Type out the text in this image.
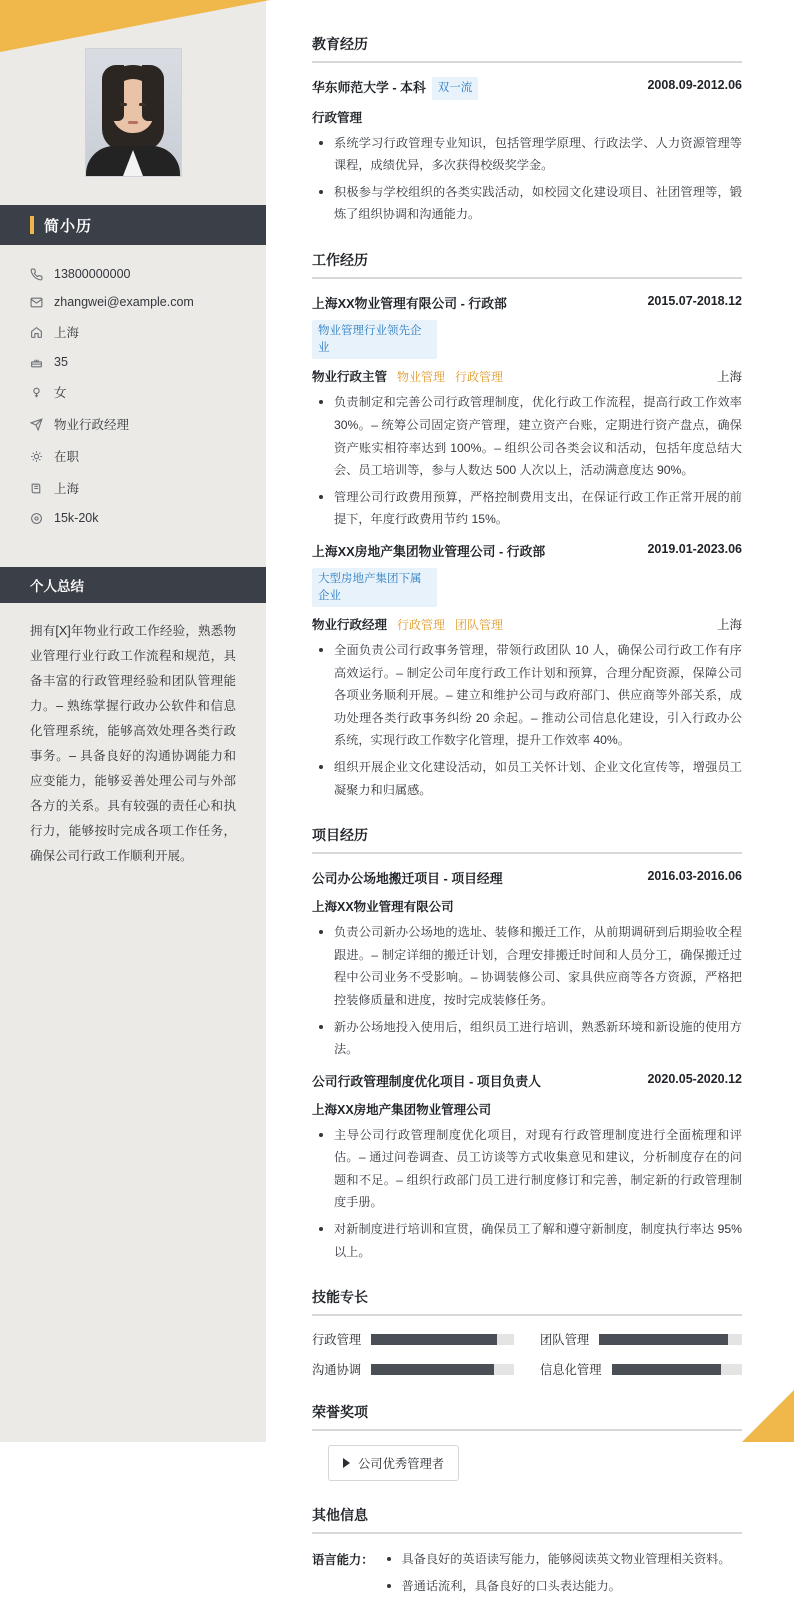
简小历
13800000000
zhangwei@example.com
上海
35
女
物业行政经理
在职
上海
15k-20k
个人总结
拥有[X]年物业行政工作经验，熟悉物业管理行业行政工作流程和规范，具备丰富的行政管理经验和团队管理能力。– 熟练掌握行政办公软件和信息化管理系统，能够高效处理各类行政事务。– 具备良好的沟通协调能力和应变能力，能够妥善处理公司与外部各方的关系。具有较强的责任心和执行力，能够按时完成各项工作任务，确保公司行政工作顺利开展。
教育经历
华东师范大学 - 本科	双一流	2008.09-2012.06
行政管理
系统学习行政管理专业知识，包括管理学原理、行政法学、人力资源管理等课程，成绩优异，多次获得校级奖学金。
积极参与学校组织的各类实践活动，如校园文化建设项目、社团管理等，锻炼了组织协调和沟通能力。
工作经历
上海XX物业管理有限公司 - 行政部
物业管理行业领先企业
2015.07-2018.12
物业行政主管 物业管理 行政管理	上海
负责制定和完善公司行政管理制度，优化行政工作流程，提高行政工作效率 30%。– 统筹公司固定资产管理，建立资产台账，定期进行资产盘点，确保资产账实相符率达到 100%。– 组织公司各类会议和活动，包括年度总结大会、员工培训等，参与人数达 500 人次以上，活动满意度达 90%。
管理公司行政费用预算，严格控制费用支出，在保证行政工作正常开展的前提下，年度行政费用节约 15%。
上海XX房地产集团物业管理公司 - 行政部
大型房地产集团下属企业
2019.01-2023.06
物业行政经理 行政管理 团队管理	上海
全面负责公司行政事务管理，带领行政团队 10 人，确保公司行政工作有序高效运行。– 制定公司年度行政工作计划和预算，合理分配资源，保障公司各项业务顺利开展。– 建立和维护公司与政府部门、供应商等外部关系，成功处理各类行政事务纠纷 20 余起。– 推动公司信息化建设，引入行政办公系统，实现行政工作数字化管理，提升工作效率 40%。
组织开展企业文化建设活动，如员工关怀计划、企业文化宣传等，增强员工凝聚力和归属感。
项目经历
公司办公场地搬迁项目 - 项目经理	2016.03-2016.06
上海XX物业管理有限公司
负责公司新办公场地的选址、装修和搬迁工作，从前期调研到后期验收全程跟进。– 制定详细的搬迁计划，合理安排搬迁时间和人员分工，确保搬迁过程中公司业务不受影响。– 协调装修公司、家具供应商等各方资源，严格把控装修质量和进度，按时完成装修任务。
新办公场地投入使用后，组织员工进行培训，熟悉新环境和新设施的使用方法。
公司行政管理制度优化项目 - 项目负责人	2020.05-2020.12
上海XX房地产集团物业管理公司
主导公司行政管理制度优化项目，对现有行政管理制度进行全面梳理和评估。– 通过问卷调查、员工访谈等方式收集意见和建议，分析制度存在的问题和不足。– 组织行政部门员工进行制度修订和完善，制定新的行政管理制度手册。
对新制度进行培训和宣贯，确保员工了解和遵守新制度，制度执行率达 95% 以上。
技能专长
行政管理	团队管理
沟通协调	信息化管理
荣誉奖项
公司优秀管理者
其他信息
语言能力：	具备良好的英语读写能力，能够阅读英文物业管理相关资料。
普通话流利，具备良好的口头表达能力。
